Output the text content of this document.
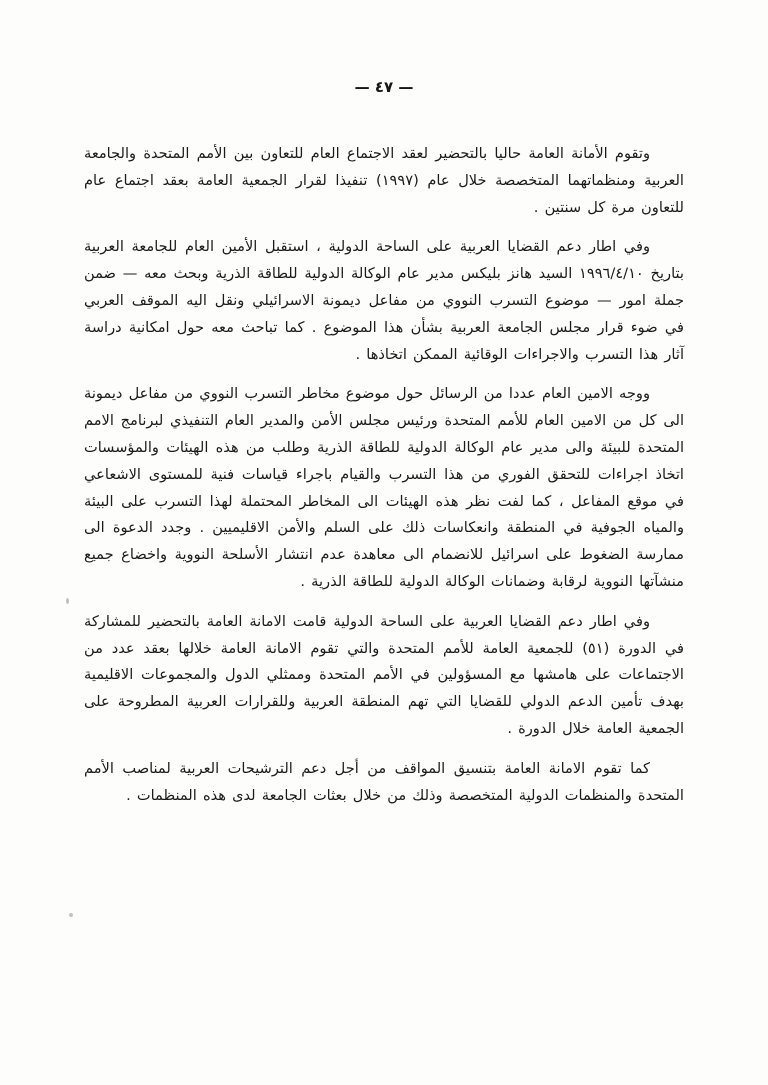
— ٤٧ —

وتقوم الأمانة العامة حاليا بالتحضير لعقد الاجتماع العام للتعاون بين الأمم المتحدة والجامعة العربية ومنظماتهما المتخصصة خلال عام (١٩٩٧) تنفيذا لقرار الجمعية العامة بعقد اجتماع عام للتعاون مرة كل سنتين .

وفي اطار دعم القضايا العربية على الساحة الدولية ، استقبل الأمين العام للجامعة العربية بتاريخ ١٩٩٦/٤/١٠ السيد هانز بليكس مدير عام الوكالة الدولية للطاقة الذرية وبحث معه — ضمن جملة امور — موضوع التسرب النووي من مفاعل ديمونة الاسرائيلي ونقل اليه الموقف العربي في ضوء قرار مجلس الجامعة العربية بشأن هذا الموضوع . كما تباحث معه حول امكانية دراسة آثار هذا التسرب والاجراءات الوقائية الممكن اتخاذها .

ووجه الامين العام عددا من الرسائل حول موضوع مخاطر التسرب النووي من مفاعل ديمونة الى كل من الامين العام للأمم المتحدة ورئيس مجلس الأمن والمدير العام التنفيذي لبرنامج الامم المتحدة للبيئة والى مدير عام الوكالة الدولية للطاقة الذرية وطلب من هذه الهيئات والمؤسسات اتخاذ اجراءات للتحقق الفوري من هذا التسرب والقيام باجراء قياسات فنية للمستوى الاشعاعي في موقع المفاعل ، كما لفت نظر هذه الهيئات الى المخاطر المحتملة لهذا التسرب على البيئة والمياه الجوفية في المنطقة وانعكاسات ذلك على السلم والأمن الاقليميين . وجدد الدعوة الى ممارسة الضغوط على اسرائيل للانضمام الى معاهدة عدم انتشار الأسلحة النووية واخضاع جميع منشآتها النووية لرقابة وضمانات الوكالة الدولية للطاقة الذرية .

وفي اطار دعم القضايا العربية على الساحة الدولية قامت الامانة العامة بالتحضير للمشاركة في الدورة (٥١) للجمعية العامة للأمم المتحدة والتي تقوم الامانة العامة خلالها بعقد عدد من الاجتماعات على هامشها مع المسؤولين في الأمم المتحدة وممثلي الدول والمجموعات الاقليمية بهدف تأمين الدعم الدولي للقضايا التي تهم المنطقة العربية وللقرارات العربية المطروحة على الجمعية العامة خلال الدورة .

كما تقوم الامانة العامة بتنسيق المواقف من أجل دعم الترشيحات العربية لمناصب الأمم المتحدة والمنظمات الدولية المتخصصة وذلك من خلال بعثات الجامعة لدى هذه المنظمات .
